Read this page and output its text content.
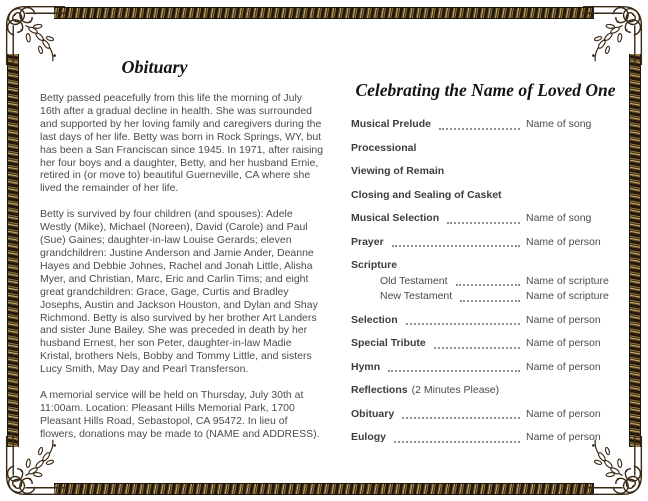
Obituary

Betty passed peacefully from this life the morning of July 16th after a gradual decline in health. She was surrounded and supported by her loving family and caregivers during the last days of her life. Betty was born in Rock Springs, WY, but has been a San Franciscan since 1945. In 1971, after raising her four boys and a daughter, Betty, and her husband Ernie, retired in (or move to) beautiful Guerneville, CA where she lived the remainder of her life.

Betty is survived by four children (and spouses): Adele Westly (Mike), Michael (Noreen), David (Carole) and Paul (Sue) Gaines; daughter-in-law Louise Gerards; eleven grandchildren: Justine Anderson and Jamie Ander, Deanne Hayes and Debbie Johnes, Rachel and Jonah Little, Alisha Myer, and Christian, Marc, Eric and Carlin Tims; and eight great grandchildren: Grace, Gage, Curtis and Bradley Josephs, Austin and Jackson Houston, and Dylan and Shay Richmond. Betty is also survived by her brother Art Landers and sister June Bailey. She was preceded in death by her husband Ernest, her son Peter, daughter-in-law Madie Kristal, brothers Nels, Bobby and Tommy Little, and sisters Lucy Smith, May Day and Pearl Transferson.

A memorial service will be held on Thursday, July 30th at 11:00am. Location: Pleasant Hills Memorial Park, 1700 Pleasant Hills Road, Sebastopol, CA 95472. In lieu of flowers, donations may be made to (NAME and ADDRESS).

Celebrating the Name of Loved One
Musical Prelude	Name of song
Processional
Viewing of Remain
Closing and Sealing of Casket
Musical Selection	Name of song
Prayer	Name of person
Scripture
Old Testament	Name of scripture
New Testament	Name of scripture
Selection	Name of person
Special Tribute	Name of person
Hymn	Name of person
Reflections (2 Minutes Please)
Obituary	Name of person
Eulogy	Name of person
